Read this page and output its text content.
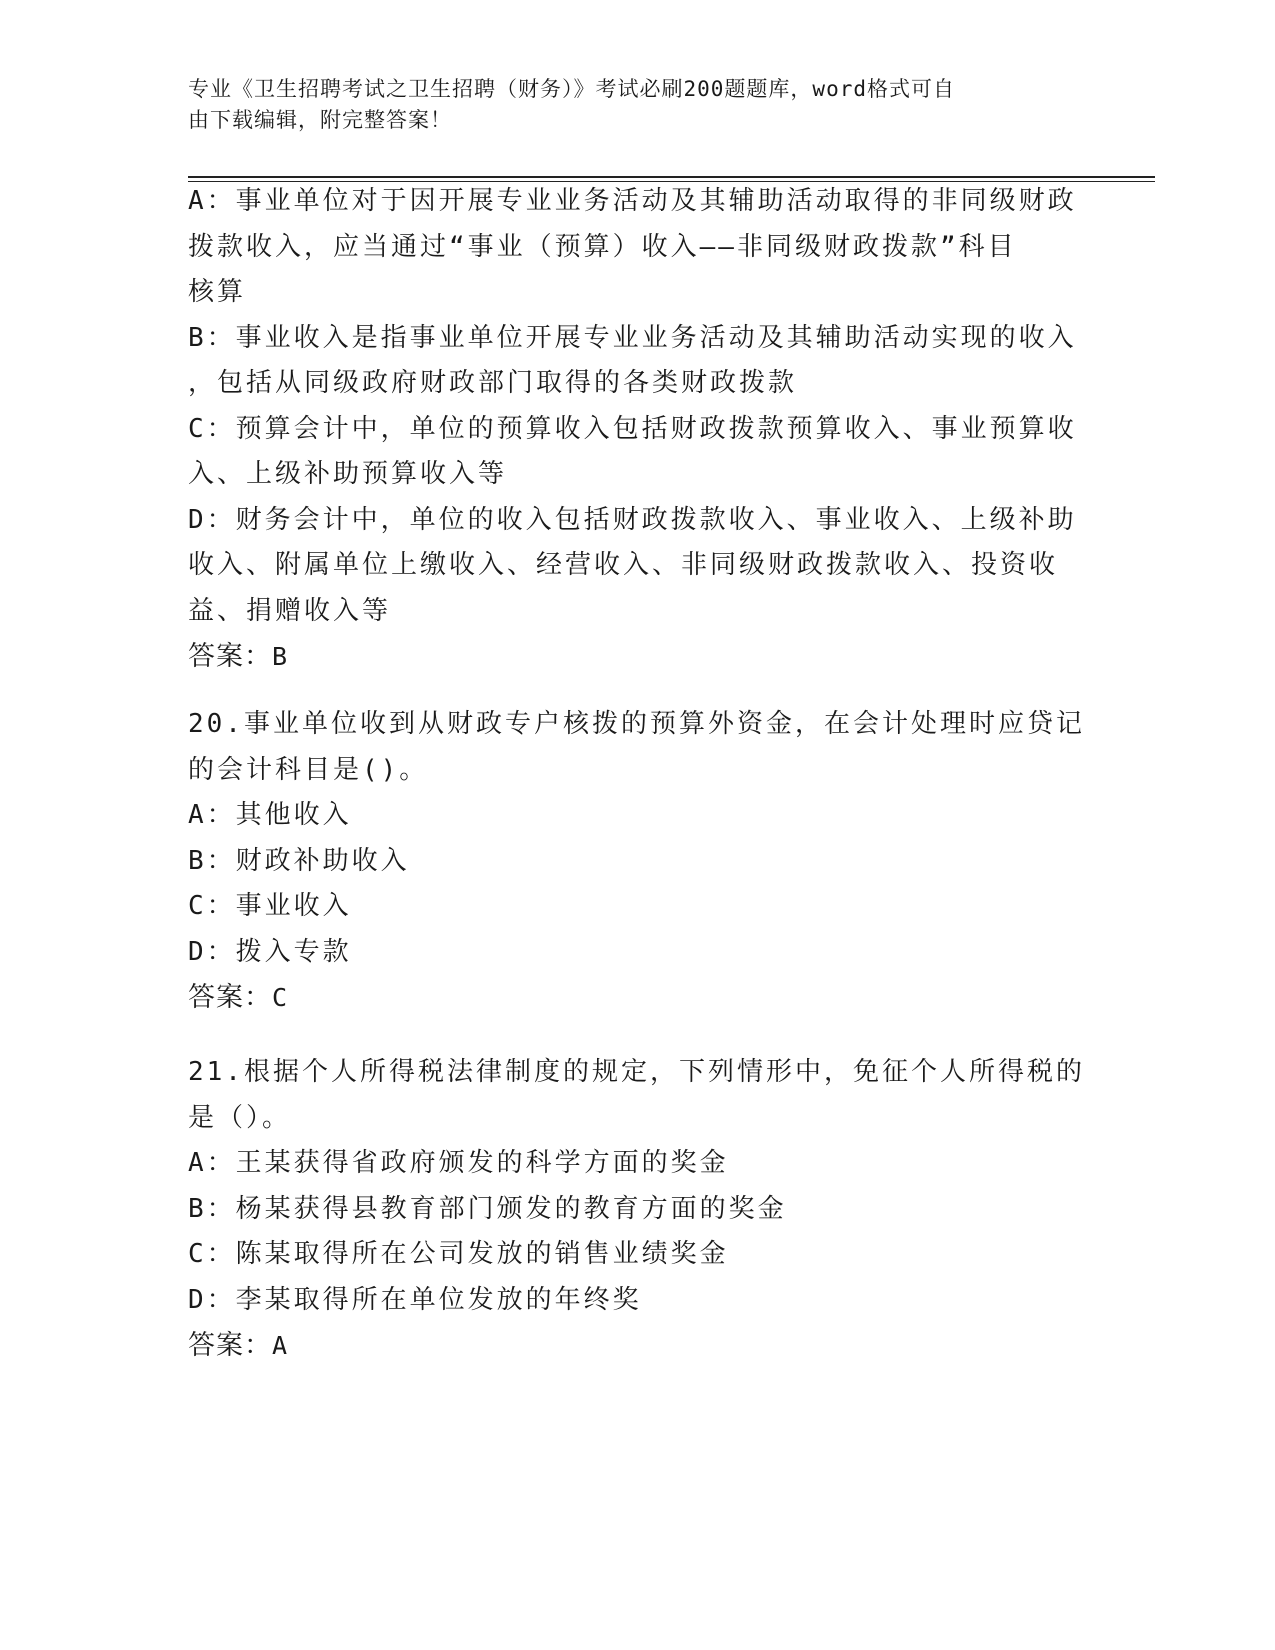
专业《卫生招聘考试之卫生招聘（财务）》考试必刷200题题库，word格式可自
由下载编辑，附完整答案！
A：事业单位对于因开展专业业务活动及其辅助活动取得的非同级财政
拨款收入，应当通过“事业（预算）收入——非同级财政拨款”科目
核算
B：事业收入是指事业单位开展专业业务活动及其辅助活动实现的收入
，包括从同级政府财政部门取得的各类财政拨款
C：预算会计中，单位的预算收入包括财政拨款预算收入、事业预算收
入、上级补助预算收入等
D：财务会计中，单位的收入包括财政拨款收入、事业收入、上级补助
收入、附属单位上缴收入、经营收入、非同级财政拨款收入、投资收
益、捐赠收入等
答案：B
20.事业单位收到从财政专户核拨的预算外资金，在会计处理时应贷记
的会计科目是()。
A：其他收入
B：财政补助收入
C：事业收入
D：拨入专款
答案：C
21.根据个人所得税法律制度的规定，下列情形中，免征个人所得税的
是（）。
A：王某获得省政府颁发的科学方面的奖金
B：杨某获得县教育部门颁发的教育方面的奖金
C：陈某取得所在公司发放的销售业绩奖金
D：李某取得所在单位发放的年终奖
答案：A
